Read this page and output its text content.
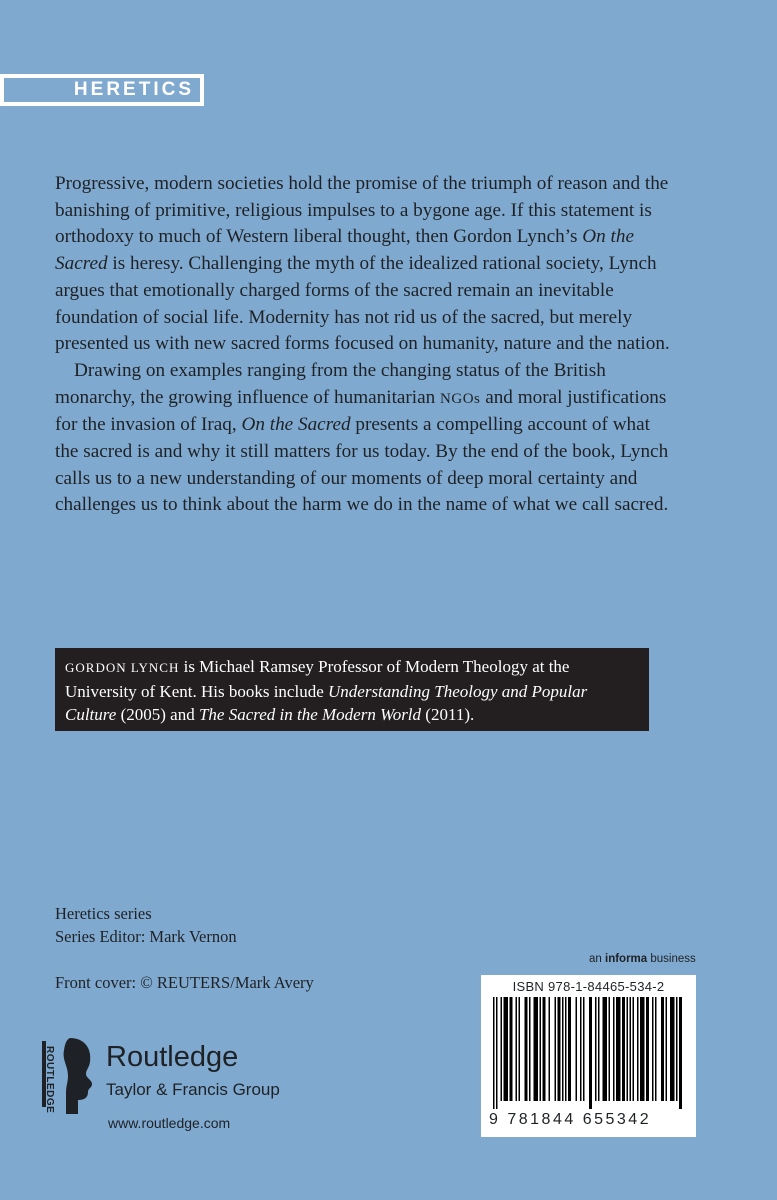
HERETICS

Progressive, modern societies hold the promise of the triumph of reason and the banishing of primitive, religious impulses to a bygone age. If this statement is orthodoxy to much of Western liberal thought, then Gordon Lynch’s On the Sacred is heresy. Challenging the myth of the idealized rational society, Lynch argues that emotionally charged forms of the sacred remain an inevitable foundation of social life. Modernity has not rid us of the sacred, but merely presented us with new sacred forms focused on humanity, nature and the nation.

Drawing on examples ranging from the changing status of the British monarchy, the growing influence of humanitarian NGOs and moral justifications for the invasion of Iraq, On the Sacred presents a compelling account of what the sacred is and why it still matters for us today. By the end of the book, Lynch calls us to a new understanding of our moments of deep moral certainty and challenges us to think about the harm we do in the name of what we call sacred.

GORDON LYNCH is Michael Ramsey Professor of Modern Theology at the University of Kent. His books include Understanding Theology and Popular Culture (2005) and The Sacred in the Modern World (2011).
Heretics series
Series Editor: Mark Vernon
Front cover: © REUTERS/Mark Avery
an informa business
ISBN 978-1-84465-534-2
9 781844 655342
ROUTLEDGE Routledge
Taylor & Francis Group
www.routledge.com
